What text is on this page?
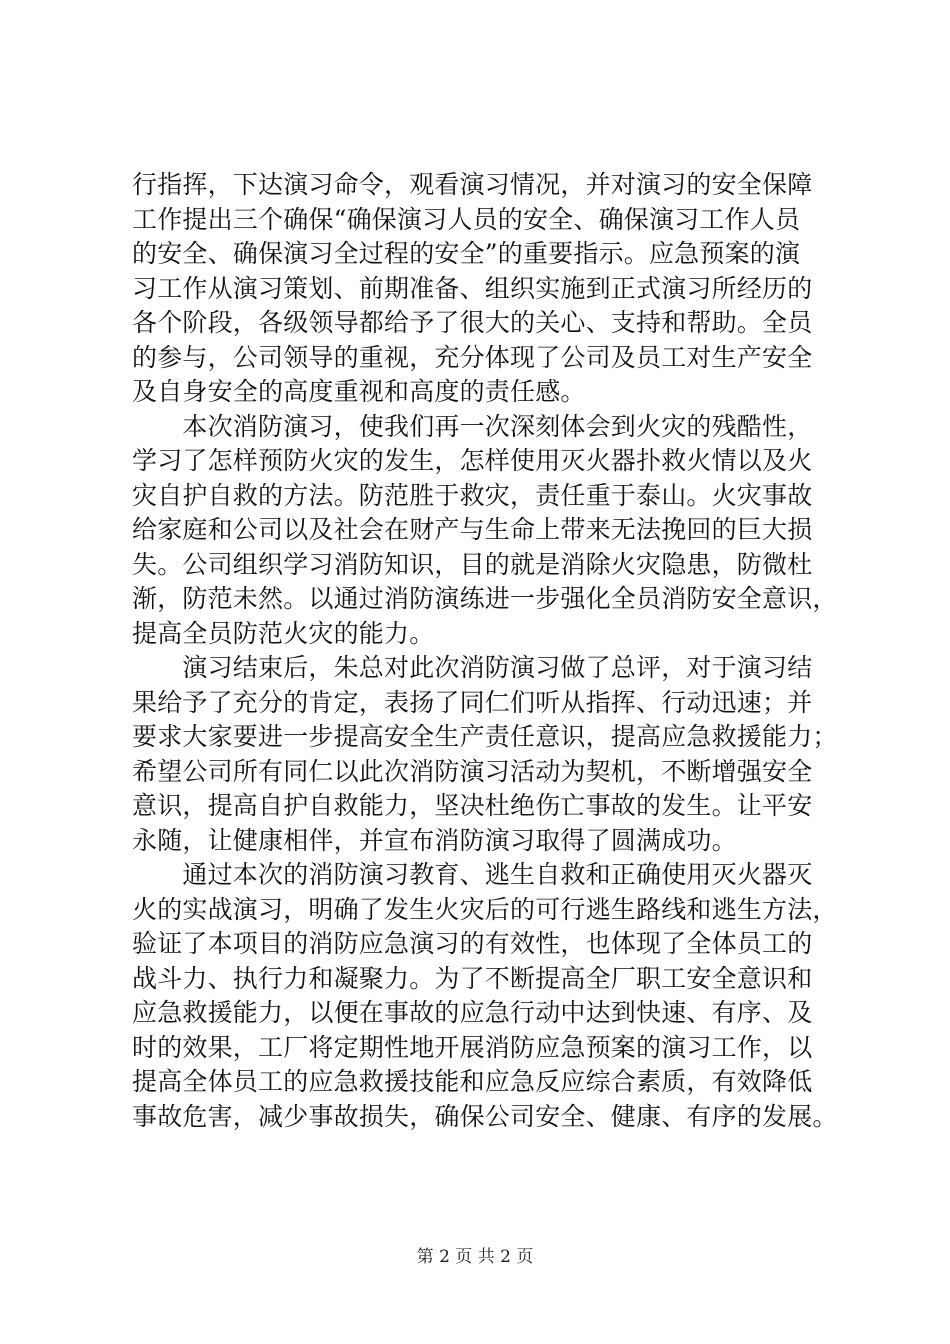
行指挥，下达演习命令，观看演习情况，并对演习的安全保障
工作提出三个确保“确保演习人员的安全、确保演习工作人员
的安全、确保演习全过程的安全”的重要指示。应急预案的演
习工作从演习策划、前期准备、组织实施到正式演习所经历的
各个阶段，各级领导都给予了很大的关心、支持和帮助。全员
的参与，公司领导的重视，充分体现了公司及员工对生产安全
及自身安全的高度重视和高度的责任感。
　　本次消防演习，使我们再一次深刻体会到火灾的残酷性，
学习了怎样预防火灾的发生，怎样使用灭火器扑救火情以及火
灾自护自救的方法。防范胜于救灾，责任重于泰山。火灾事故
给家庭和公司以及社会在财产与生命上带来无法挽回的巨大损
失。公司组织学习消防知识，目的就是消除火灾隐患，防微杜
渐，防范未然。以通过消防演练进一步强化全员消防安全意识，
提高全员防范火灾的能力。
　　演习结束后，朱总对此次消防演习做了总评，对于演习结
果给予了充分的肯定，表扬了同仁们听从指挥、行动迅速；并
要求大家要进一步提高安全生产责任意识，提高应急救援能力；
希望公司所有同仁以此次消防演习活动为契机，不断增强安全
意识，提高自护自救能力，坚决杜绝伤亡事故的发生。让平安
永随，让健康相伴，并宣布消防演习取得了圆满成功。
　　通过本次的消防演习教育、逃生自救和正确使用灭火器灭
火的实战演习，明确了发生火灾后的可行逃生路线和逃生方法，
验证了本项目的消防应急演习的有效性，也体现了全体员工的
战斗力、执行力和凝聚力。为了不断提高全厂职工安全意识和
应急救援能力，以便在事故的应急行动中达到快速、有序、及
时的效果，工厂将定期性地开展消防应急预案的演习工作，以
提高全体员工的应急救援技能和应急反应综合素质，有效降低
事故危害，减少事故损失，确保公司安全、健康、有序的发展。
第 2 页 共 2 页
